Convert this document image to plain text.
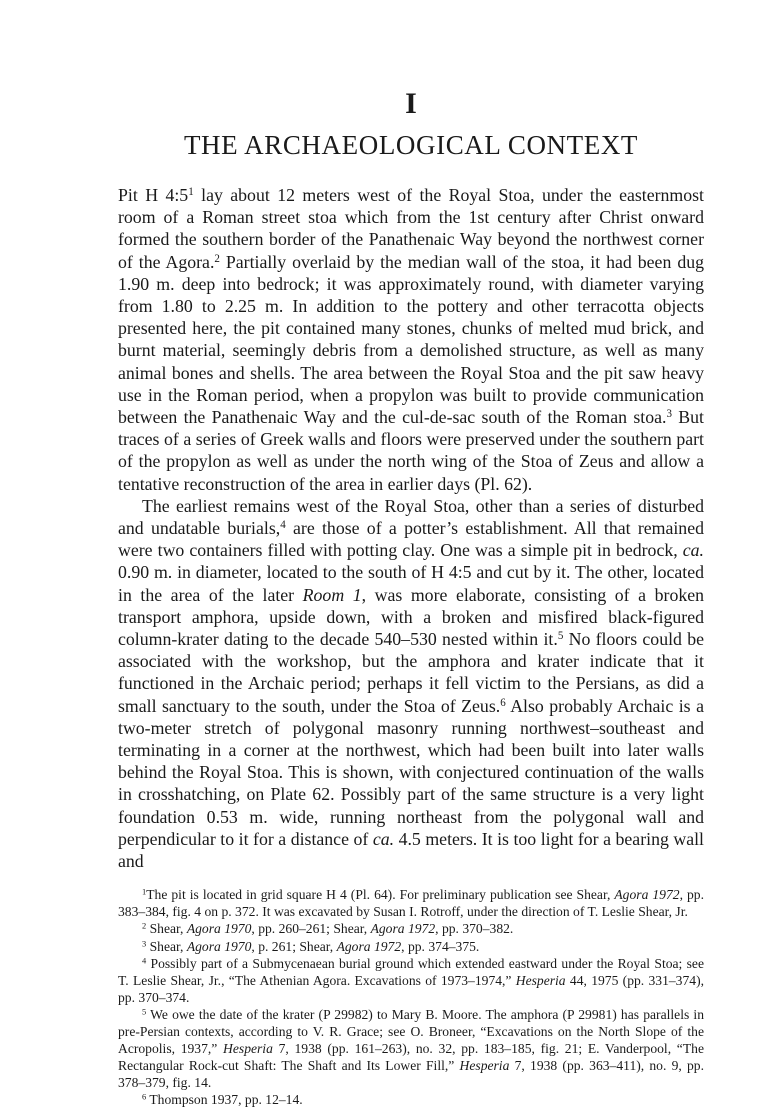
I
THE ARCHAEOLOGICAL CONTEXT

Pit H $4:5^1$ lay about 12 meters west of the Royal Stoa, under the easternmost room of a Roman street stoa which from the 1st century after Christ onward formed the southern border of the Panathenaic Way beyond the northwest corner of the Agora.$^2$ Partially overlaid by the median wall of the stoa, it had been dug 1.90 m. deep into bedrock; it was approximately round, with diameter varying from 1.80 to 2.25 m. In addition to the pottery and other terracotta objects presented here, the pit contained many stones, chunks of melted mud brick, and burnt material, seemingly debris from a demolished structure, as well as many animal bones and shells. The area between the Royal Stoa and the pit saw heavy use in the Roman period, when a propylon was built to provide communication between the Panathenaic Way and the cul-de-sac south of the Roman stoa.$^3$ But traces of a series of Greek walls and floors were preserved under the southern part of the propylon as well as under the north wing of the Stoa of Zeus and allow a tentative reconstruction of the area in earlier days (Pl. 62).

The earliest remains west of the Royal Stoa, other than a series of disturbed and undatable burials,$^4$ are those of a potter’s establishment. All that remained were two containers filled with potting clay. One was a simple pit in bedrock, ca. 0.90 m. in diameter, located to the south of H 4:5 and cut by it. The other, located in the area of the later Room 1, was more elaborate, consisting of a broken transport amphora, upside down, with a broken and misfired black-figured column-krater dating to the decade 540–530 nested within it.$^5$ No floors could be associated with the workshop, but the amphora and krater indicate that it functioned in the Archaic period; perhaps it fell victim to the Persians, as did a small sanctuary to the south, under the Stoa of Zeus.$^6$ Also probably Archaic is a two-meter stretch of polygonal masonry running northwest–southeast and terminating in a corner at the northwest, which had been built into later walls behind the Royal Stoa. This is shown, with conjectured continuation of the walls in crosshatching, on Plate 62. Possibly part of the same structure is a very light foundation 0.53 m. wide, running northeast from the polygonal wall and perpendicular to it for a distance of ca. 4.5 meters. It is too light for a bearing wall and

$^1$The pit is located in grid square H 4 (Pl. 64). For preliminary publication see Shear, Agora 1972, pp. 383–384, fig. 4 on p. 372. It was excavated by Susan I. Rotroff, under the direction of T. Leslie Shear, Jr.

$^2$ Shear, Agora 1970, pp. 260–261; Shear, Agora 1972, pp. 370–382.

$^3$ Shear, Agora 1970, p. 261; Shear, Agora 1972, pp. 374–375.

$^4$ Possibly part of a Submycenaean burial ground which extended eastward under the Royal Stoa; see T. Leslie Shear, Jr., “The Athenian Agora. Excavations of 1973–1974,” Hesperia 44, 1975 (pp. 331–374), pp. 370–374.

$^5$ We owe the date of the krater (P 29982) to Mary B. Moore. The amphora (P 29981) has parallels in pre-Persian contexts, according to V. R. Grace; see O. Broneer, “Excavations on the North Slope of the Acropolis, 1937,” Hesperia 7, 1938 (pp. 161–263), no. 32, pp. 183–185, fig. 21; E. Vanderpool, “The Rectangular Rock-cut Shaft: The Shaft and Its Lower Fill,” Hesperia 7, 1938 (pp. 363–411), no. 9, pp. 378–379, fig. 14.

$^6$ Thompson 1937, pp. 12–14.
